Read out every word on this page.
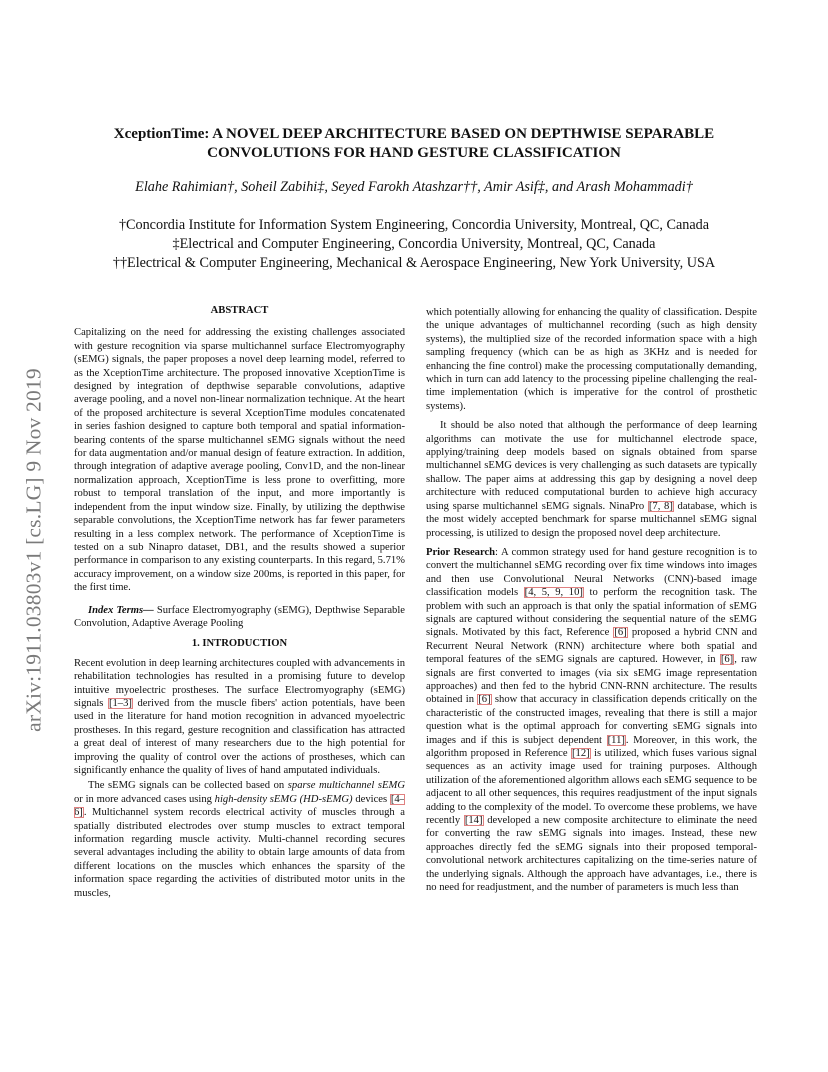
arXiv:1911.03803v1 [cs.LG] 9 Nov 2019
XceptionTime: A NOVEL DEEP ARCHITECTURE BASED ON DEPTHWISE SEPARABLE
CONVOLUTIONS FOR HAND GESTURE CLASSIFICATION
Elahe Rahimian†, Soheil Zabihi‡, Seyed Farokh Atashzar††, Amir Asif‡, and Arash Mohammadi†
†Concordia Institute for Information System Engineering, Concordia University, Montreal, QC, Canada
‡Electrical and Computer Engineering, Concordia University, Montreal, QC, Canada
††Electrical & Computer Engineering, Mechanical & Aerospace Engineering, New York University, USA
ABSTRACT

Capitalizing on the need for addressing the existing challenges associated with gesture recognition via sparse multichannel surface Electromyography (sEMG) signals, the paper proposes a novel deep learning model, referred to as the XceptionTime architecture. The proposed innovative XceptionTime is designed by integration of depthwise separable convolutions, adaptive average pooling, and a novel non-linear normalization technique. At the heart of the proposed architecture is several XceptionTime modules concatenated in series fashion designed to capture both temporal and spatial information-bearing contents of the sparse multichannel sEMG signals without the need for data augmentation and/or manual design of feature extraction. In addition, through integration of adaptive average pooling, Conv1D, and the non-linear normalization approach, XceptionTime is less prone to overfitting, more robust to temporal translation of the input, and more importantly is independent from the input window size. Finally, by utilizing the depthwise separable convolutions, the XceptionTime network has far fewer parameters resulting in a less complex network. The performance of XceptionTime is tested on a sub Ninapro dataset, DB1, and the results showed a superior performance in comparison to any existing counterparts. In this regard, 5.71% accuracy improvement, on a window size 200ms, is reported in this paper, for the first time.

Index Terms— Surface Electromyography (sEMG), Depthwise Separable Convolution, Adaptive Average Pooling

1. INTRODUCTION

Recent evolution in deep learning architectures coupled with advancements in rehabilitation technologies has resulted in a promising future to develop intuitive myoelectric prostheses. The surface Electromyography (sEMG) signals [1–3] derived from the muscle fibers' action potentials, have been used in the literature for hand motion recognition in advanced myoelectric prostheses. In this regard, gesture recognition and classification has attracted a great deal of interest of many researchers due to the high potential for improving the quality of control over the actions of prostheses, which can significantly enhance the quality of lives of hand amputated individuals.

The sEMG signals can be collected based on sparse multichannel sEMG or in more advanced cases using high-density sEMG (HD-sEMG) devices [4–6]. Multichannel system records electrical activity of muscles through a spatially distributed electrodes over stump muscles to extract temporal information regarding muscle activity. Multi-channel recording secures several advantages including the ability to obtain large amounts of data from different locations on the muscles which enhances the sparsity of the information space regarding the activities of distributed motor units in the muscles,

which potentially allowing for enhancing the quality of classification. Despite the unique advantages of multichannel recording (such as high density systems), the multiplied size of the recorded information space with a high sampling frequency (which can be as high as 3KHz and is needed for enhancing the fine control) make the processing computationally demanding, which in turn can add latency to the processing pipeline challenging the real-time implementation (which is imperative for the control of prosthetic systems).

It should be also noted that although the performance of deep learning algorithms can motivate the use for multichannel electrode space, applying/training deep models based on signals obtained from sparse multichannel sEMG devices is very challenging as such datasets are typically shallow. The paper aims at addressing this gap by designing a novel deep architecture with reduced computational burden to achieve high accuracy using sparse multichannel sEMG signals. NinaPro [7, 8] database, which is the most widely accepted benchmark for sparse multichannel sEMG signal processing, is utilized to design the proposed novel deep architecture.

Prior Research: A common strategy used for hand gesture recognition is to convert the multichannel sEMG recording over fix time windows into images and then use Convolutional Neural Networks (CNN)-based image classification models [4, 5, 9, 10] to perform the recognition task. The problem with such an approach is that only the spatial information of sEMG signals are captured without considering the sequential nature of the sEMG signals. Motivated by this fact, Reference [6] proposed a hybrid CNN and Recurrent Neural Network (RNN) architecture where both spatial and temporal features of the sEMG signals are captured. However, in [6], raw signals are first converted to images (via six sEMG image representation approaches) and then fed to the hybrid CNN-RNN architecture. The results obtained in [6] show that accuracy in classification depends critically on the characteristic of the constructed images, revealing that there is still a major question what is the optimal approach for converting sEMG signals into images and if this is subject dependent [11]. Moreover, in this work, the algorithm proposed in Reference [12] is utilized, which fuses various signal sequences as an activity image used for training purposes. Although utilization of the aforementioned algorithm allows each sEMG sequence to be adjacent to all other sequences, this requires readjustment of the input signals adding to the complexity of the model. To overcome these problems, we have recently [14] developed a new composite architecture to eliminate the need for converting the raw sEMG signals into images. Instead, these new approaches directly fed the sEMG signals into their proposed temporal-convolutional network architectures capitalizing on the time-series nature of the underlying signals. Although the approach have advantages, i.e., there is no need for readjustment, and the number of parameters is much less than
